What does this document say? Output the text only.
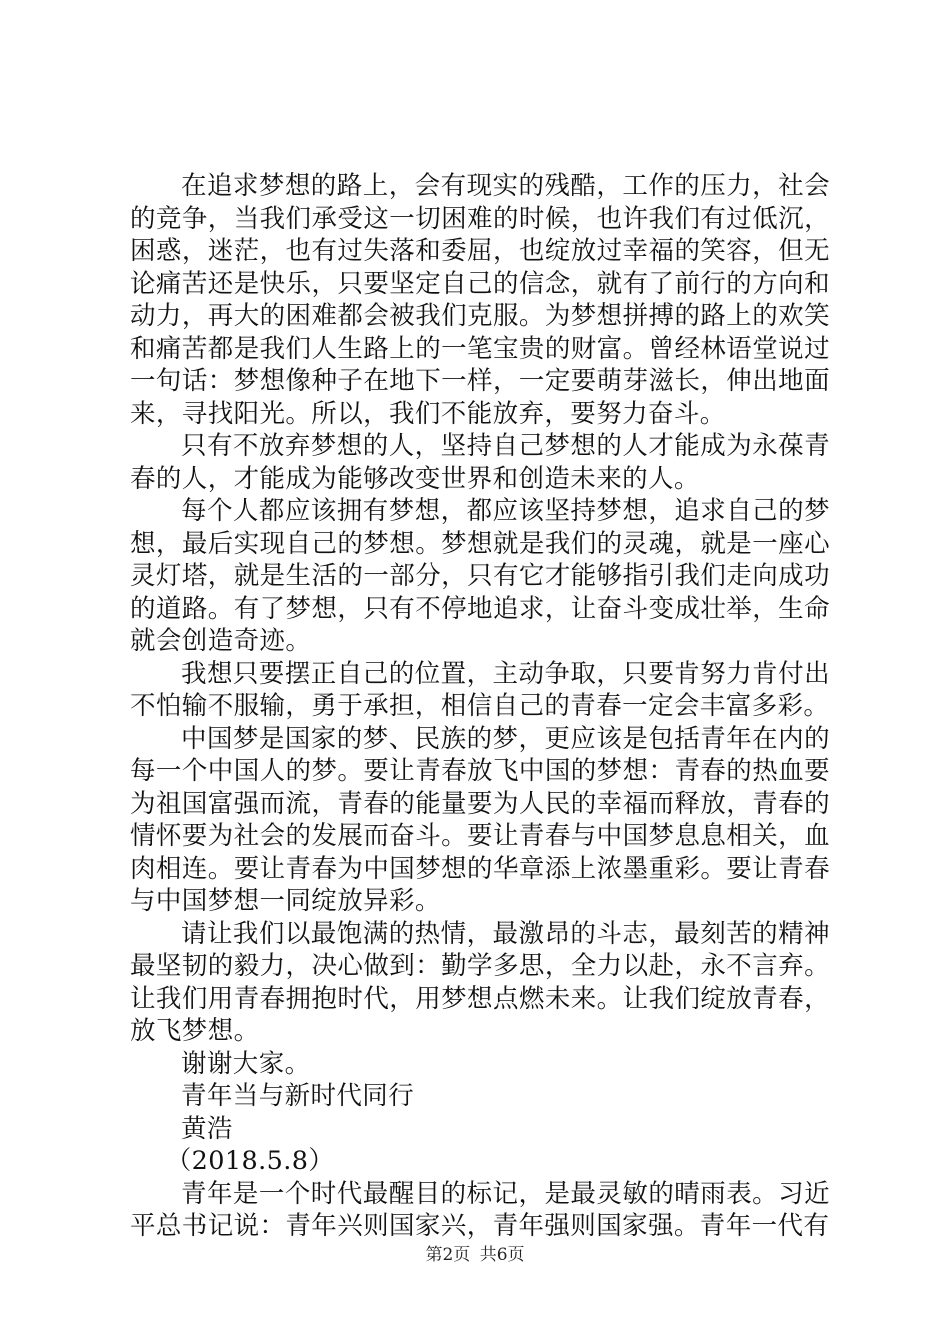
在追求梦想的路上，会有现实的残酷，工作的压力，社会的竞争，当我们承受这一切困难的时候，也许我们有过低沉，困惑，迷茫，也有过失落和委屈，也绽放过幸福的笑容，但无论痛苦还是快乐，只要坚定自己的信念，就有了前行的方向和动力，再大的困难都会被我们克服。为梦想拼搏的路上的欢笑和痛苦都是我们人生路上的一笔宝贵的财富。曾经林语堂说过一句话：梦想像种子在地下一样，一定要萌芽滋长，伸出地面来，寻找阳光。所以，我们不能放弃，要努力奋斗。

只有不放弃梦想的人，坚持自己梦想的人才能成为永葆青春的人，才能成为能够改变世界和创造未来的人。

每个人都应该拥有梦想，都应该坚持梦想，追求自己的梦想，最后实现自己的梦想。梦想就是我们的灵魂，就是一座心灵灯塔，就是生活的一部分，只有它才能够指引我们走向成功的道路。有了梦想，只有不停地追求，让奋斗变成壮举，生命就会创造奇迹。

我想只要摆正自己的位置，主动争取，只要肯努力肯付出不怕输不服输，勇于承担，相信自己的青春一定会丰富多彩。

中国梦是国家的梦、民族的梦，更应该是包括青年在内的每一个中国人的梦。要让青春放飞中国的梦想：青春的热血要为祖国富强而流，青春的能量要为人民的幸福而释放，青春的情怀要为社会的发展而奋斗。要让青春与中国梦息息相关，血肉相连。要让青春为中国梦想的华章添上浓墨重彩。要让青春与中国梦想一同绽放异彩。

请让我们以最饱满的热情，最激昂的斗志，最刻苦的精神最坚韧的毅力，决心做到：勤学多思，全力以赴，永不言弃。让我们用青春拥抱时代，用梦想点燃未来。让我们绽放青春，放飞梦想。

谢谢大家。

青年当与新时代同行

黄浩

（2018.5.8）

青年是一个时代最醒目的标记，是最灵敏的晴雨表。习近平总书记说：青年兴则国家兴，青年强则国家强。青年一代有

第2页 共6页
